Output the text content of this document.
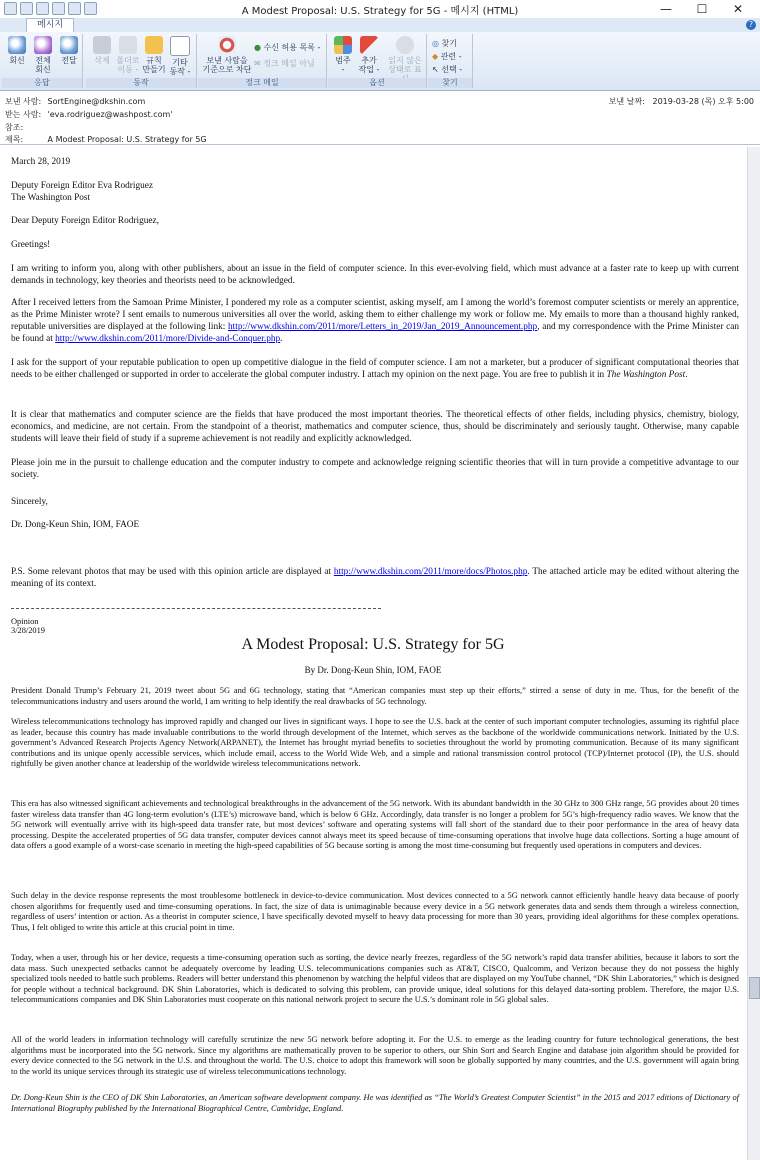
A Modest Proposal: U.S. Strategy for 5G - 메시지 (HTML)	—	☐	✕
메시지	?
회신	전체
회신
전달
응답
삭제 폴더로
이동 -
규칙
만들기
기타
동작 -
동작
보낸 사람을
기준으로 차단
● 수신 허용 목록 -
✉ 정크 메일 아님
정크 메일
범주
-
추가
작업 -
읽지 않은
상태로 표
옵션
◎ 찾기
◆ 관련 -
↖ 선택 -
찾기
보낸 사람: SortEngine@dkshin.com
받는 사람: 'eva.rodriguez@washpost.com'
참조:
제목:	A Modest Proposal: U.S. Strategy for 5G
보낸 날짜: 2019-03-28 (목) 오후 5:00

March 28, 2019

Deputy Foreign Editor Eva Rodriguez

The Washington Post

Dear Deputy Foreign Editor Rodriguez,

Greetings!

I am writing to inform you, along with other publishers, about an issue in the field of computer science. In this ever-evolving field, which must advance at a faster rate to keep up with current demands in technology, key theories and theorists need to be acknowledged.

After I received letters from the Samoan Prime Minister, I pondered my role as a computer scientist, asking myself, am I among the world’s foremost computer scientists or merely an apprentice, as the Prime Minister wrote? I sent emails to numerous universities all over the world, asking them to either challenge my work or follow me. My emails to more than a thousand highly ranked, reputable universities are displayed at the following link: http://www.dkshin.com/2011/more/Letters_in_2019/Jan_2019_Announcement.php, and my correspondence with the Prime Minister can be found at http://www.dkshin.com/2011/more/Divide-and-Conquer.php.

I ask for the support of your reputable publication to open up competitive dialogue in the field of computer science. I am not a marketer, but a producer of significant computational theories that needs to be either challenged or supported in order to accelerate the global computer industry. I attach my opinion on the next page. You are free to publish it in The Washington Post.

It is clear that mathematics and computer science are the fields that have produced the most important theories. The theoretical effects of other fields, including physics, chemistry, biology, economics, and medicine, are not certain. From the standpoint of a theorist, mathematics and computer science, thus, should be discriminately and seriously taught. Otherwise, many capable students will leave their field of study if a supreme achievement is not readily and explicitly acknowledged.

Please join me in the pursuit to challenge education and the computer industry to compete and acknowledge reigning scientific theories that will in turn provide a competitive advantage to our society.

Sincerely,

Dr. Dong-Keun Shin, IOM, FAOE

P.S. Some relevant photos that may be used with this opinion article are displayed at http://www.dkshin.com/2011/more/docs/Photos.php. The attached article may be edited without altering the meaning of its context.

Opinion

3/28/2019

A Modest Proposal: U.S. Strategy for 5G
By Dr. Dong-Keun Shin, IOM, FAOE

President Donald Trump’s February 21, 2019 tweet about 5G and 6G technology, stating that “American companies must step up their efforts,” stirred a sense of duty in me. Thus, for the benefit of the telecommunications industry and users around the world, I am writing to help identify the real drawbacks of 5G technology.

Wireless telecommunications technology has improved rapidly and changed our lives in significant ways. I hope to see the U.S. back at the center of such important computer technologies, assuming its rightful place as leader, because this country has made invaluable contributions to the world through development of the Internet, which serves as the backbone of the worldwide communications network. Initiated by the U.S. government’s Advanced Research Projects Agency Network(ARPANET), the Internet has brought myriad benefits to societies throughout the world by promoting communication. Because of its many significant contributions and its unique openly accessible services, which include email, access to the World Wide Web, and a simple and rational transmission control protocol (TCP)/Internet protocol (IP), the U.S. should rightfully be given another chance at leadership of the worldwide wireless telecommunications network.

This era has also witnessed significant achievements and technological breakthroughs in the advancement of the 5G network. With its abundant bandwidth in the 30 GHz to 300 GHz range, 5G provides about 20 times faster wireless data transfer than 4G long-term evolution’s (LTE’s) microwave band, which is below 6 GHz. Accordingly, data transfer is no longer a problem for 5G’s high-frequency radio waves. We know that the 5G network will eventually arrive with its high-speed data transfer rate, but most devices’ software and operating systems will fall short of the standard due to their poor performance in the area of heavy data processing. Despite the accelerated properties of 5G data transfer, computer devices cannot always meet its speed because of time-consuming operations that involve huge data collections. Sorting a huge amount of data offers a good example of a worst-case scenario in meeting the high-speed capabilities of 5G because sorting is among the most time-consuming but frequently used operations in computers and devices.

Such delay in the device response represents the most troublesome bottleneck in device-to-device communication. Most devices connected to a 5G network cannot efficiently handle heavy data because of poorly chosen algorithms for frequently used and time-consuming operations. In fact, the size of data is unimaginable because every device in a 5G network generates data and sends them through a wireless connection, regardless of users’ intention or action. As a theorist in computer science, I have specifically devoted myself to heavy data processing for more than 30 years, providing ideal algorithms for these complex operations. Thus, I felt obliged to write this article at this crucial point in time.

Today, when a user, through his or her device, requests a time-consuming operation such as sorting, the device nearly freezes, regardless of the 5G network’s rapid data transfer abilities, because it labors to sort the data mass. Such unexpected setbacks cannot be adequately overcome by leading U.S. telecommunications companies such as AT&T, CISCO, Qualcomm, and Verizon because they do not possess the highly specialized tools needed to battle such problems. Readers will better understand this phenomenon by watching the helpful videos that are displayed on my YouTube channel, “DK Shin Laboratories,” which is designed for people without a technical background. DK Shin Laboratories, which is dedicated to solving this problem, can provide unique, ideal solutions for this delayed data-sorting problem. Therefore, the major U.S. telecommunications companies and DK Shin Laboratories must cooperate on this national network project to secure the U.S.’s dominant role in 5G global sales.

All of the world leaders in information technology will carefully scrutinize the new 5G network before adopting it. For the U.S. to emerge as the leading country for future technological generations, the best algorithms must be incorporated into the 5G network. Since my algorithms are mathematically proven to be superior to others, our Shin Sort and Search Engine and database join algorithm should be provided for every device connected to the 5G network in the U.S. and throughout the world. The U.S. choice to adopt this framework will soon be globally supported by many countries, and the U.S. government will again bring to the world its unique services through its strategic use of wireless telecommunications technology.

Dr. Dong-Keun Shin is the CEO of DK Shin Laboratories, an American software development company. He was identified as “The World’s Greatest Computer Scientist” in the 2015 and 2017 editions of Dictionary of International Biography published by the International Biographical Centre, Cambridge, England.
